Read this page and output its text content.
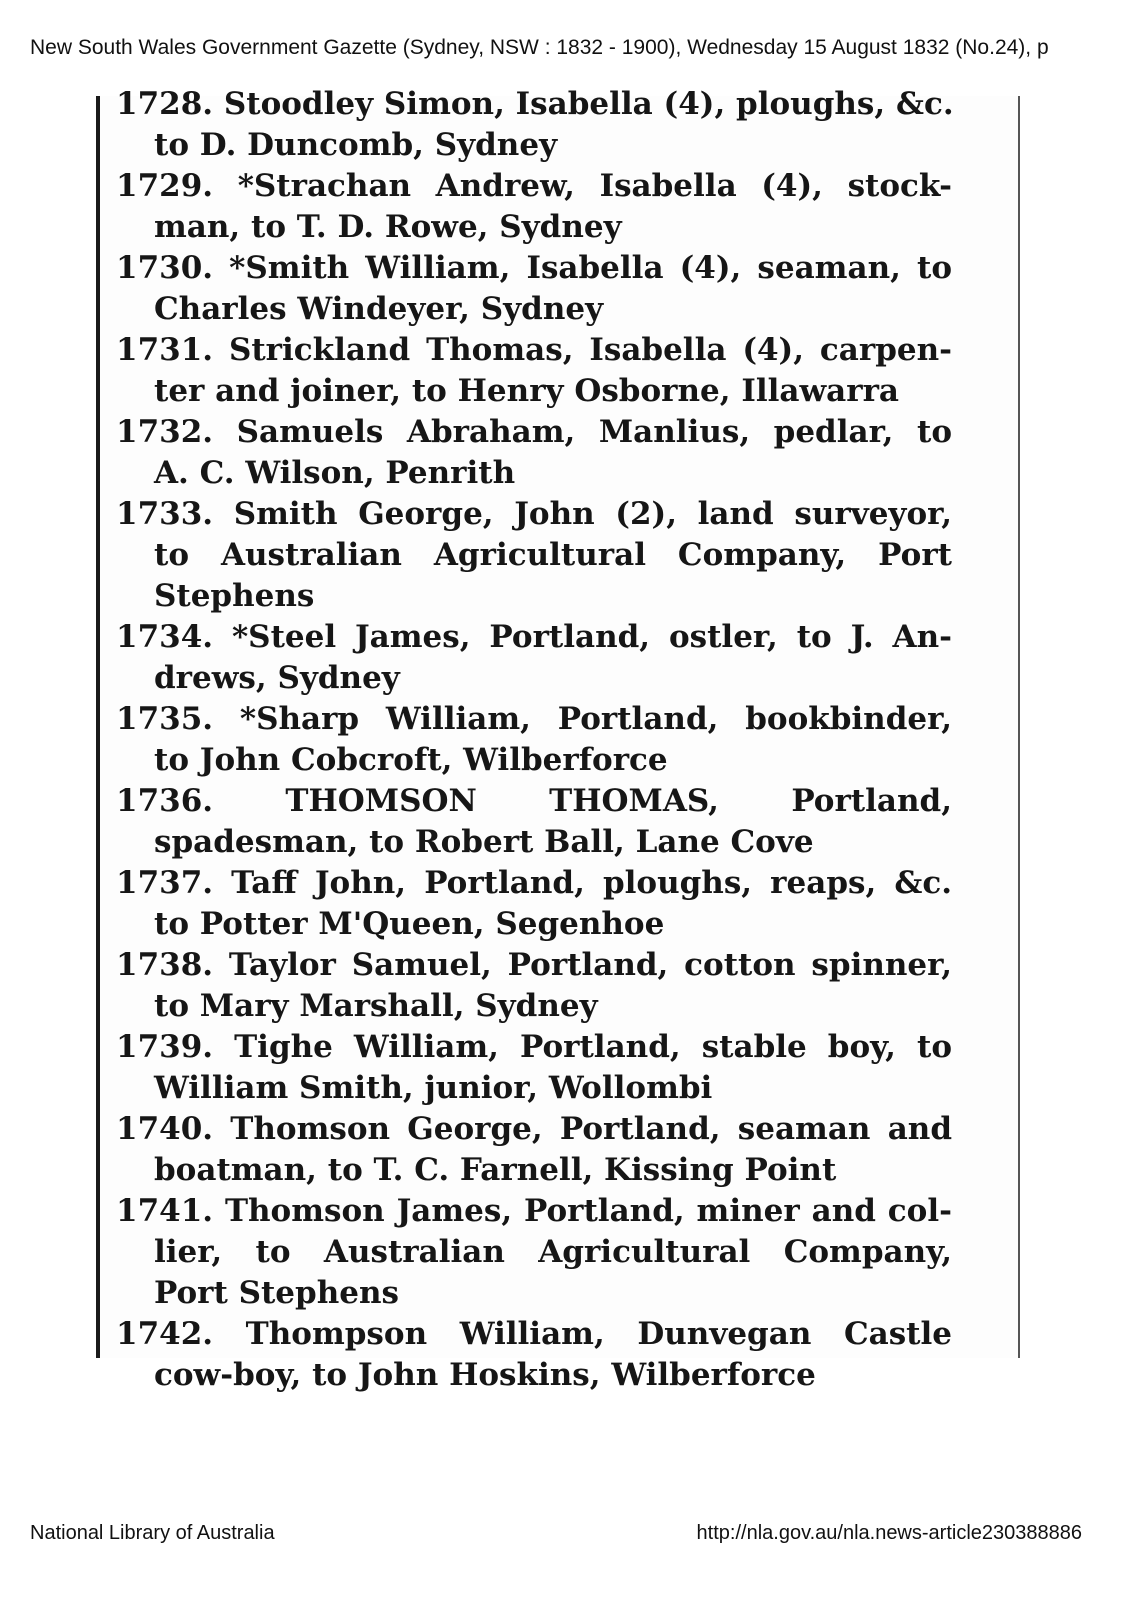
New South Wales Government Gazette (Sydney, NSW : 1832 - 1900), Wednesday 15 August 1832 (No.24), p
1728. Stoodley Simon, Isabella (4), ploughs, &c.
to D. Duncomb, Sydney
1729. *Strachan Andrew, Isabella (4), stock-
man, to T. D. Rowe, Sydney
1730. *Smith William, Isabella (4), seaman, to
Charles Windeyer, Sydney
1731. Strickland Thomas, Isabella (4), carpen-
ter and joiner, to Henry Osborne, Illawarra
1732. Samuels Abraham, Manlius, pedlar, to
A. C. Wilson, Penrith
1733. Smith George, John (2), land surveyor,
to Australian Agricultural Company, Port
Stephens
1734. *Steel James, Portland, ostler, to J. An-
drews, Sydney
1735. *Sharp William, Portland, bookbinder,
to John Cobcroft, Wilberforce
1736. THOMSON THOMAS, Portland,
spadesman, to Robert Ball, Lane Cove
1737. Taff John, Portland, ploughs, reaps, &c.
to Potter M'Queen, Segenhoe
1738. Taylor Samuel, Portland, cotton spinner,
to Mary Marshall, Sydney
1739. Tighe William, Portland, stable boy, to
William Smith, junior, Wollombi
1740. Thomson George, Portland, seaman and
boatman, to T. C. Farnell, Kissing Point
1741. Thomson James, Portland, miner and col-
lier, to Australian Agricultural Company,
Port Stephens
1742. Thompson William, Dunvegan Castle
cow-boy, to John Hoskins, Wilberforce
National Library of Australia	http://nla.gov.au/nla.news-article230388886
